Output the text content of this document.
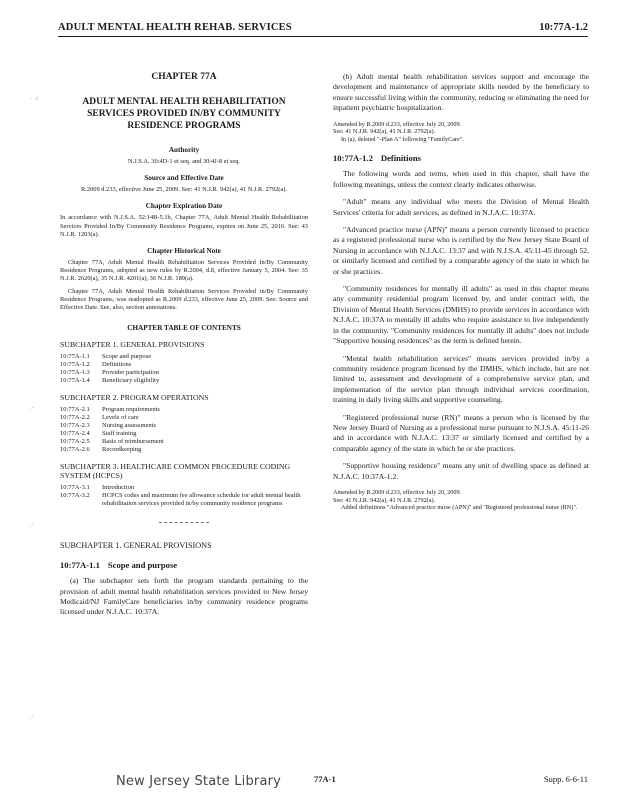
ADULT MENTAL HEALTH REHAB. SERVICES	10:77A-1.2
· ·/
.·
.·
.·
CHAPTER 77A
ADULT MENTAL HEALTH REHABILITATION SERVICES PROVIDED IN/BY COMMUNITY RESIDENCE PROGRAMS
Authority
N.J.S.A. 30:4D-1 et seq. and 30:4J-8 et seq.
Source and Effective Date
R.2009 d.233, effective June 25, 2009. See: 41 N.J.R. 942(a), 41 N.J.R. 2792(a).
Chapter Expiration Date
In accordance with N.J.S.A. 52:14B-5.1b, Chapter 77A, Adult Mental Health Rehabilitation Services Provided In/By Community Residence Programs, expires on June 25, 2016. See: 43 N.J.R. 1203(a).
Chapter Historical Note
Chapter 77A, Adult Mental Health Rehabilitation Services Provided In/By Community Residence Programs, adopted as new rules by R.2004, d.8, effective January 5, 2004. See: 35 N.J.R. 2620(a), 35 N.J.R. 4201(a), 36 N.J.R. 189(a).
Chapter 77A, Adult Mental Health Rehabilitation Services Provided in/By Community Residence Programs, was readopted as R.2009 d.233, effective June 25, 2009. See: Source and Effective Date. See, also, section annotations.
CHAPTER TABLE OF CONTENTS
SUBCHAPTER 1. GENERAL PROVISIONS
10:77A-1.1	Scope and purpose
10:77A-1.2	Definitions
10:77A-1.3	Provider participation
10:77A-1.4	Beneficiary eligibility
SUBCHAPTER 2. PROGRAM OPERATIONS
10:77A-2.1	Program requirements
10:77A-2.2	Levels of care
10:77A-2.3	Nursing assessments
10:77A-2.4	Staff training
10:77A-2.5	Basis of reimbursement
10:77A-2.6	Recordkeeping
SUBCHAPTER 3. HEALTHCARE COMMON PROCEDURE CODING SYSTEM (HCPCS)
10:77A-3.1	Introduction
10:77A-3.2	HCPCS codes and maximum fee allowance schedule for adult mental health rehabilitation services provided in/by community residence programs
SUBCHAPTER 1. GENERAL PROVISIONS
10:77A-1.1 Scope and purpose

(a) The subchapter sets forth the program standards pertaining to the provision of adult mental health rehabilitation services provided to New Jersey Medicaid/NJ FamilyCare beneficiaries in/by community residence programs licensed under N.J.A.C. 10:37A.

(b) Adult mental health rehabilitation services support and encourage the development and maintenance of appropriate skills needed by the beneficiary to ensure successful living within the community, reducing or eliminating the need for inpatient psychiatric hospitalization.

Amended by R.2009 d.233, effective July 20, 2009.

See: 41 N.J.R. 942(a), 41 N.J.R. 2792(a).

In (a), deleted "-Plan A" following "FamilyCare".

10:77A-1.2 Definitions

The following words and terms, when used in this chapter, shall have the following meanings, unless the context clearly indicates otherwise.

"Adult" means any individual who meets the Division of Mental Health Services' criteria for adult services, as defined in N.J.A.C. 10:37A.

"Advanced practice nurse (APN)" means a person currently licensed to practice as a registered professional nurse who is certified by the New Jersey State Board of Nursing in accordance with N.J.A.C. 13:37 and with N.J.S.A. 45:11-45 through 52, or similarly licensed and certified by a comparable agency of the state in which he or she practices.

"Community residences for mentally ill adults" as used in this chapter means any community residential program licensed by, and under contract with, the Division of Mental Health Services (DMHS) to provide services in accordance with N.J.A.C. 10:37A to mentally ill adults who require assistance to live independently in the community. "Community residences for mentally ill adults" does not include "Supportive housing residences" as the term is defined herein.

"Mental health rehabilitation services" means services provided in/by a community residence program licensed by the DMHS, which include, but are not limited to, assessment and development of a comprehensive service plan, and implementation of the service plan through individual services coordination, training in daily living skills and supportive counseling.

"Registered professional nurse (RN)" means a person who is licensed by the New Jersey Board of Nursing as a professional nurse pursuant to N.J.S.A. 45:11-26 and in accordance with N.J.A.C. 13:37 or similarly licensed and certified by a comparable agency of the state in which he or she practices.

"Supportive housing residence" means any unit of dwelling space as defined at N.J.A.C. 10:37A-1.2.

Amended by R.2009 d.233, effective July 20, 2009.

See: 41 N.J.R. 942(a), 41 N.J.R. 2792(a).

Added definitions "Advanced practice nurse (APN)" and "Registered professional nurse (RN)".

New Jersey State Library	77A-1	Supp. 6-6-11
